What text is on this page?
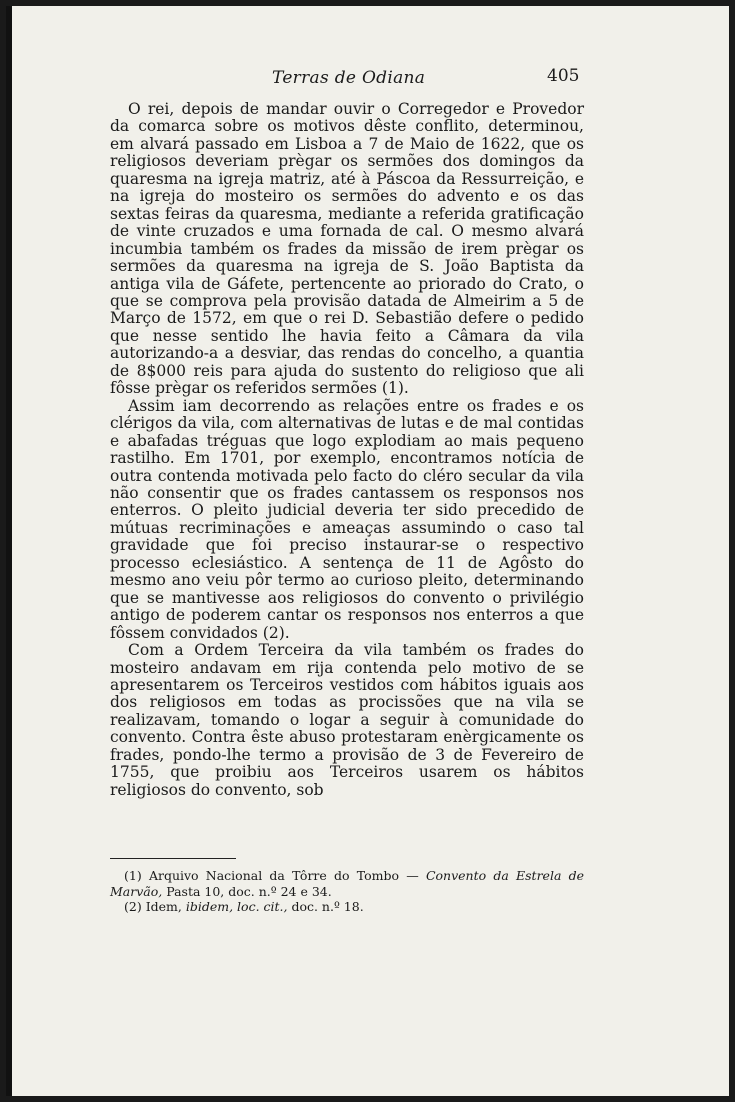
Terras de Odiana	405

O rei, depois de mandar ouvir o Corregedor e Provedor da comarca sobre os motivos dêste conflito, determinou, em alvará passado em Lisboa a 7 de Maio de 1622, que os religiosos deveriam prègar os sermões dos domingos da quaresma na igreja matriz, até à Páscoa da Ressurreição, e na igreja do mosteiro os sermões do advento e os das sextas feiras da quaresma, mediante a referida gratificação de vinte cruzados e uma fornada de cal. O mesmo alvará incumbia também os frades da missão de irem prègar os sermões da quaresma na igreja de S. João Baptista da antiga vila de Gáfete, pertencente ao priorado do Crato, o que se comprova pela provisão datada de Almeirim a 5 de Março de 1572, em que o rei D. Sebastião defere o pedido que nesse sentido lhe havia feito a Câmara da vila autorizando-a a desviar, das rendas do concelho, a quantia de 8$000 reis para ajuda do sustento do religioso que ali fôsse prègar os referidos sermões (1).

Assim iam decorrendo as relações entre os frades e os clérigos da vila, com alternativas de lutas e de mal contidas e abafadas tréguas que logo explodiam ao mais pequeno rastilho. Em 1701, por exemplo, encontramos notícia de outra contenda motivada pelo facto do cléro secular da vila não consentir que os frades cantassem os responsos nos enterros. O pleito judicial deveria ter sido precedido de mútuas recriminações e ameaças assumindo o caso tal gravidade que foi preciso instaurar-se o respectivo processo eclesiástico. A sentença de 11 de Agôsto do mesmo ano veiu pôr termo ao curioso pleito, determinando que se mantivesse aos religiosos do convento o privilégio antigo de poderem cantar os responsos nos enterros a que fôssem convidados (2).

Com a Ordem Terceira da vila também os frades do mosteiro andavam em rija contenda pelo motivo de se apresentarem os Terceiros vestidos com hábitos iguais aos dos religiosos em todas as procissões que na vila se realizavam, tomando o logar a seguir à comunidade do convento. Contra êste abuso protestaram enèrgicamente os frades, pondo-lhe termo a provisão de 3 de Fevereiro de 1755, que proibiu aos Terceiros usarem os hábitos religiosos do convento, sob

(1) Arquivo Nacional da Tôrre do Tombo — Convento da Estrela de Marvão, Pasta 10, doc. n.º 24 e 34.

(2) Idem, ibidem, loc. cit., doc. n.º 18.
